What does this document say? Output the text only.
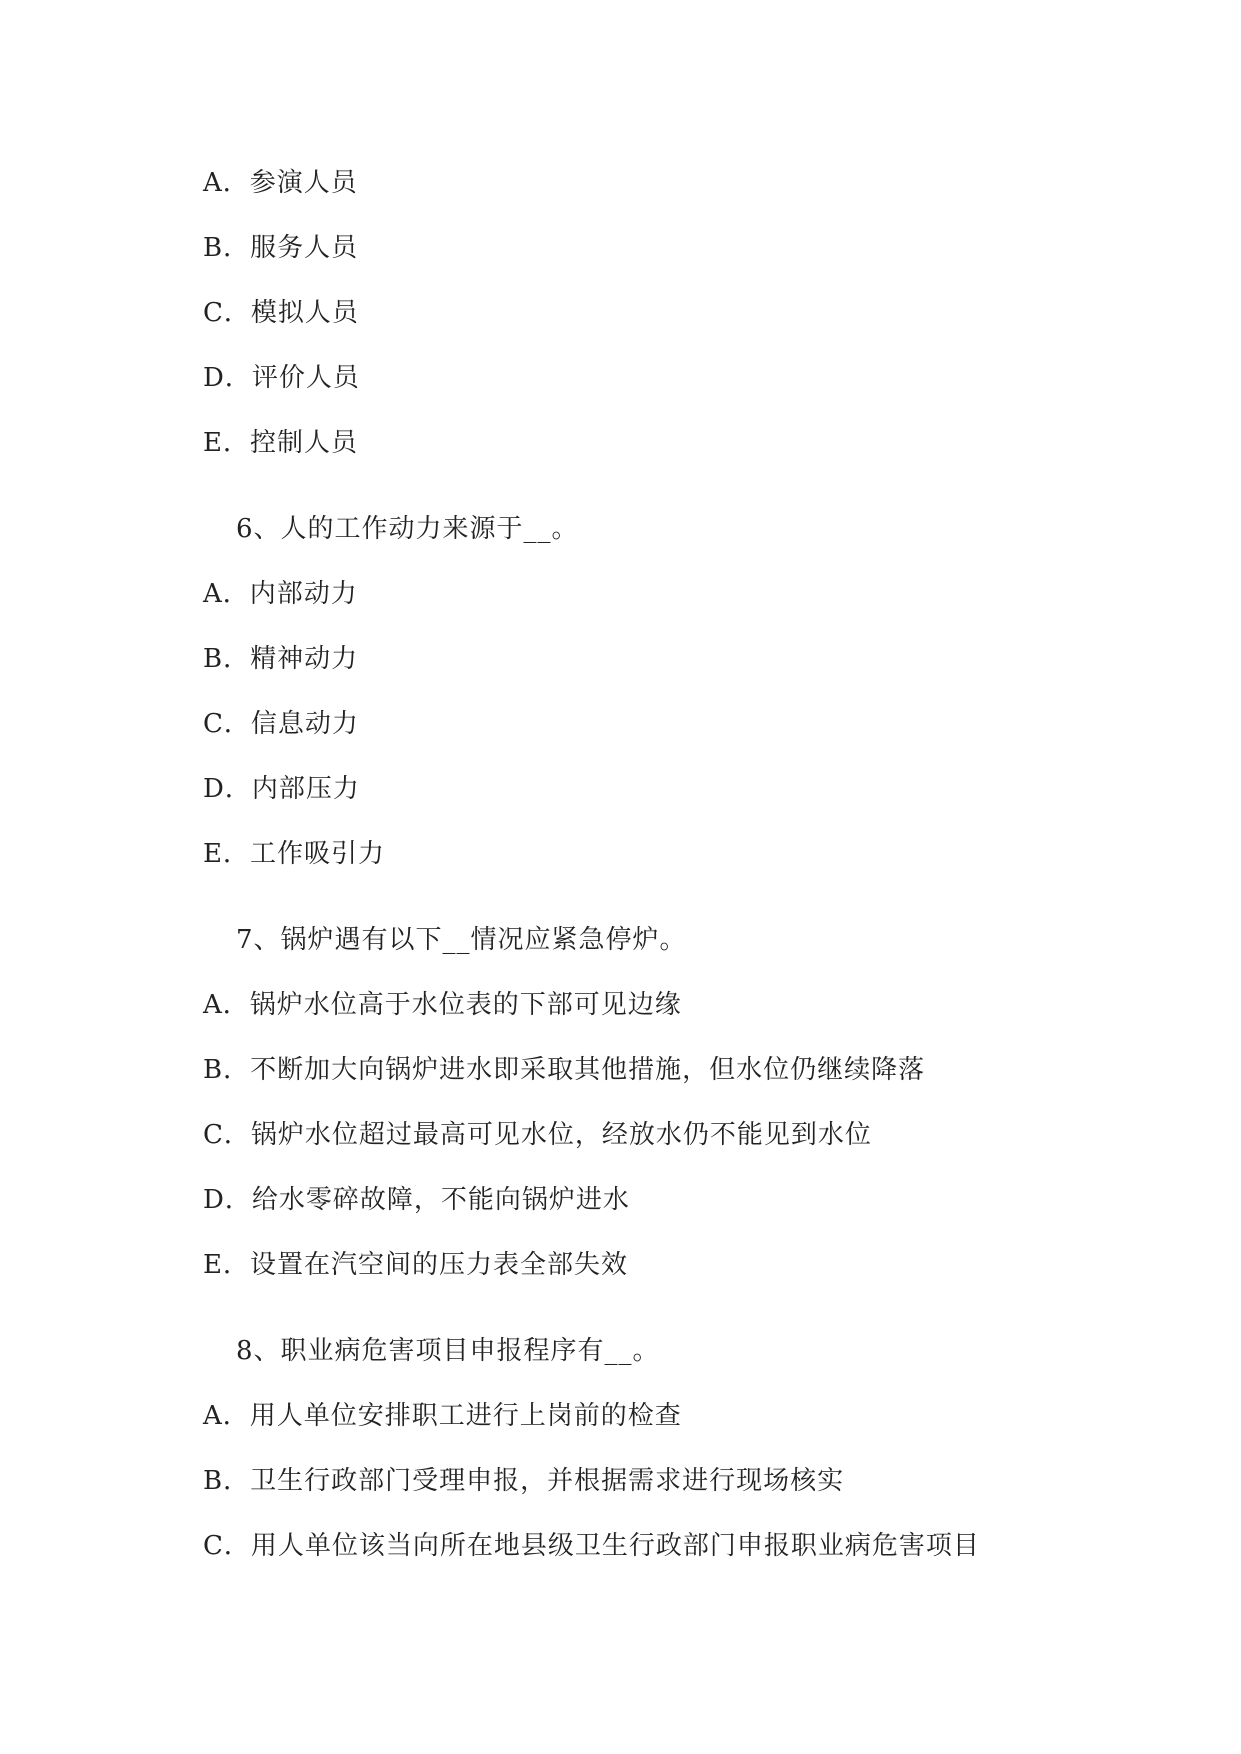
A．参演人员
B．服务人员
C．模拟人员
D．评价人员
E．控制人员
6、人的工作动力来源于__。
A．内部动力
B．精神动力
C．信息动力
D．内部压力
E．工作吸引力
7、锅炉遇有以下__情况应紧急停炉。
A．锅炉水位高于水位表的下部可见边缘
B．不断加大向锅炉进水即采取其他措施，但水位仍继续降落
C．锅炉水位超过最高可见水位，经放水仍不能见到水位
D．给水零碎故障，不能向锅炉进水
E．设置在汽空间的压力表全部失效
8、职业病危害项目申报程序有__。
A．用人单位安排职工进行上岗前的检查
B．卫生行政部门受理申报，并根据需求进行现场核实
C．用人单位该当向所在地县级卫生行政部门申报职业病危害项目
